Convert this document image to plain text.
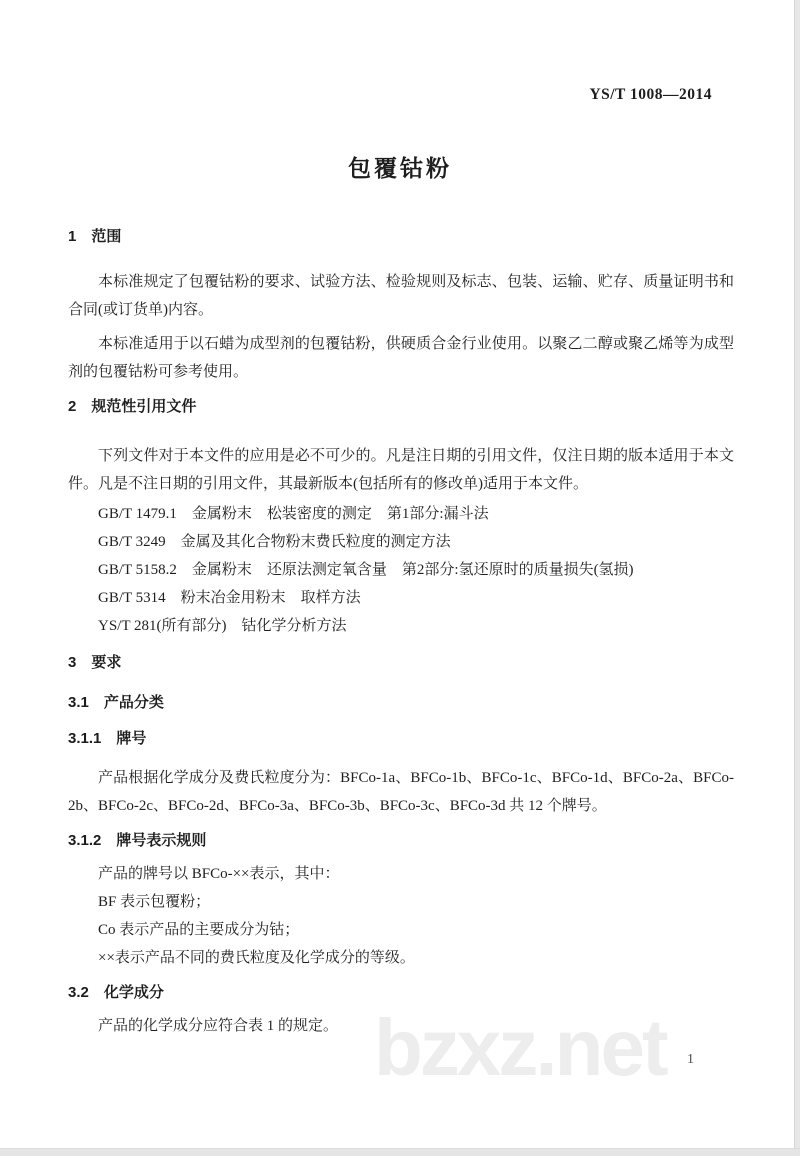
YS/T 1008—2014
包覆钴粉
1　范围
本标准规定了包覆钴粉的要求、试验方法、检验规则及标志、包装、运输、贮存、质量证明书和合同(或订货单)内容。
本标准适用于以石蜡为成型剂的包覆钴粉，供硬质合金行业使用。以聚乙二醇或聚乙烯等为成型剂的包覆钴粉可参考使用。
2　规范性引用文件
下列文件对于本文件的应用是必不可少的。凡是注日期的引用文件，仅注日期的版本适用于本文件。凡是不注日期的引用文件，其最新版本(包括所有的修改单)适用于本文件。
GB/T 1479.1　金属粉末　松装密度的测定　第1部分:漏斗法
GB/T 3249　金属及其化合物粉末费氏粒度的测定方法
GB/T 5158.2　金属粉末　还原法测定氧含量　第2部分:氢还原时的质量损失(氢损)
GB/T 5314　粉末冶金用粉末　取样方法
YS/T 281(所有部分)　钴化学分析方法
3　要求
3.1　产品分类
3.1.1　牌号
产品根据化学成分及费氏粒度分为：BFCo-1a、BFCo-1b、BFCo-1c、BFCo-1d、BFCo-2a、BFCo-2b、BFCo-2c、BFCo-2d、BFCo-3a、BFCo-3b、BFCo-3c、BFCo-3d 共 12 个牌号。
3.1.2　牌号表示规则
产品的牌号以 BFCo-××表示，其中：
BF 表示包覆粉；
Co 表示产品的主要成分为钴；
××表示产品不同的费氏粒度及化学成分的等级。
3.2　化学成分
产品的化学成分应符合表 1 的规定。 bzxz.net 1
